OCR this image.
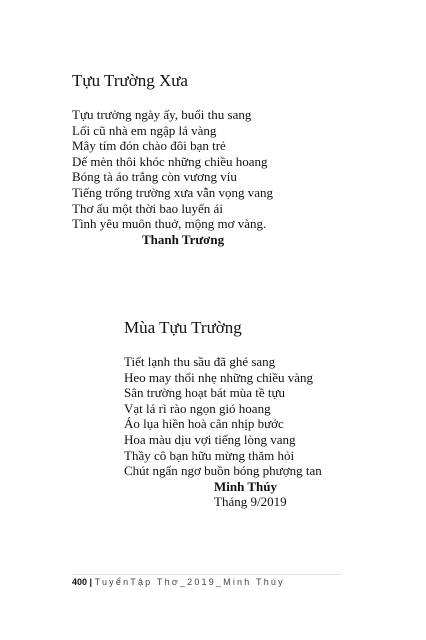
Tựu Trường Xưa
Tựu trường ngày ấy, buổi thu sang
Lối cũ nhà em ngập lá vàng
Mây tím đón chào đôi bạn trẻ
Dế mèn thôi khóc những chiều hoang
Bóng tà áo trắng còn vương víu
Tiếng trống trường xưa vẫn vọng vang
Thơ ấu một thời bao luyến ái
Tình yêu muôn thuở, mộng mơ vàng.
Thanh Trương
Mùa Tựu Trường
Tiết lạnh thu sầu đã ghé sang
Heo may thổi nhẹ những chiều vàng
Sân trường hoạt bát mùa tề tựu
Vạt lá rì rào ngọn gió hoang
Áo lụa hiền hoà cân nhịp bước
Hoa màu dịu vợi tiếng lòng vang
Thầy cô bạn hữu mừng thăm hỏi
Chút ngẩn ngơ buồn bóng phượng tan
Minh Thúy
Tháng 9/2019
400 | TuyểnTập Thơ_2019_Minh Thúy
